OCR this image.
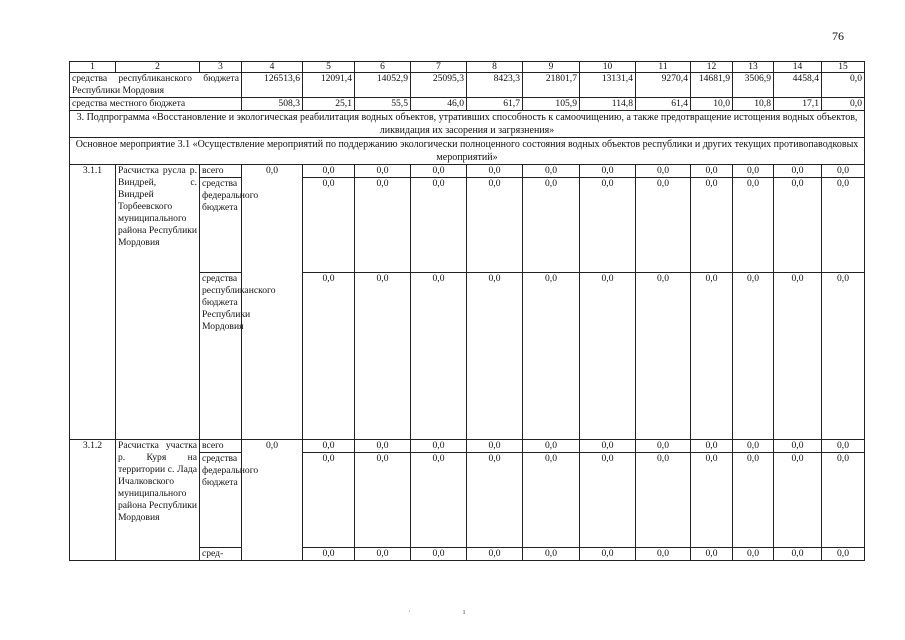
76
1	2	3	4	5	6	7	8	9	10	11	12	13	14	15
средства республиканского бюджета Республики Мордовия			126513,6	12091,4	14052,9	25095,3	8423,3	21801,7	13131,4	9270,4	14681,9	3506,9	4458,4	0,0
средства местного бюджета			508,3	25,1	55,5	46,0	61,7	105,9	114,8	61,4	10,0	10,8	17,1	0,0
3. Подпрограмма «Восстановление и экологическая реабилитация водных объектов, утративших способность к самоочищению, а также предотвращение истощения водных объектов, ликвидация их засорения и загрязнения»														
Основное мероприятие 3.1 «Осуществление мероприятий по поддержанию экологически полноценного состояния водных объектов республики и других текущих противопаводковых мероприятий»														
3.1.1	Расчистка русла р. Виндрей, с. Виндрей Торбеевского муниципального района Республики Мордовия	всего	0,0	0,0	0,0	0,0	0,0	0,0	0,0	0,0	0,0	0,0	0,0	0,0
		средства федерального бюджета		0,0	0,0	0,0	0,0	0,0	0,0	0,0	0,0	0,0	0,0	0,0
		средства республиканского бюджета Республики Мордовия		0,0	0,0	0,0	0,0	0,0	0,0	0,0	0,0	0,0	0,0	0,0
3.1.2	Расчистка участка р. Куря на территории с. Лада Ичалковского муниципального района Республики Мордовия	всего	0,0	0,0	0,0	0,0	0,0	0,0	0,0	0,0	0,0	0,0	0,0	0,0
		средства федерального бюджета		0,0	0,0	0,0	0,0	0,0	0,0	0,0	0,0	0,0	0,0	0,0
		сред-		0,0	0,0	0,0	0,0	0,0	0,0	0,0	0,0	0,0	0,0	0,0
·	ı
